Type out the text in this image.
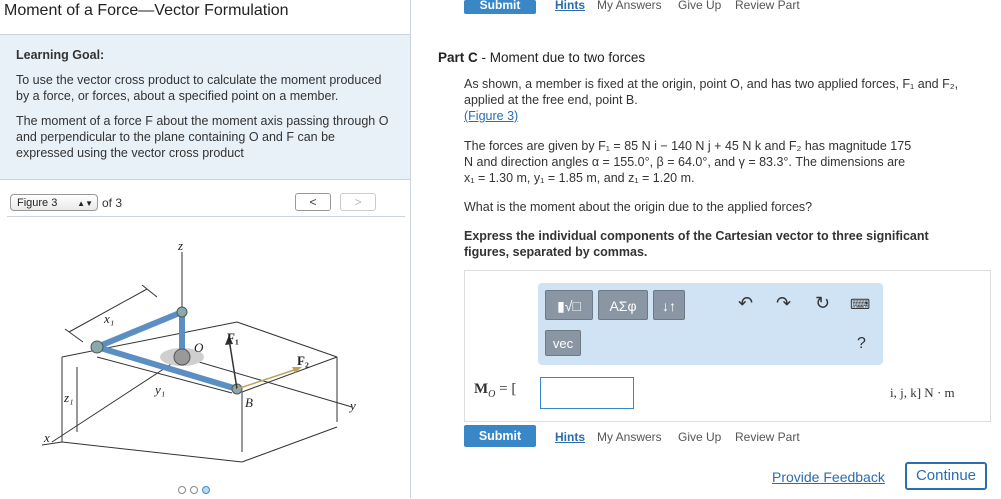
Moment of a Force—Vector Formulation
Learning Goal:

To use the vector cross product to calculate the moment produced by a force, or forces, about a specified point on a member.

The moment of a force F about the moment axis passing through O and perpendicular to the plane containing O and F can be expressed using the vector cross product

Figure 3 ▲▼ of 3	<	>
z
x₁
O
F₁
F₂
z₁
y₁
B	y
x
Submit	Hints My Answers Give Up Review Part
Part C - Moment due to two forces
As shown, a member is fixed at the origin, point O, and has two applied forces, F₁ and F₂, applied at the free end, point B.
(Figure 3)
The forces are given by F₁ = 85 N i − 140 N j + 45 N k and F₂ has magnitude 175
N and direction angles α = 155.0°, β = 64.0°, and γ = 83.3°. The dimensions are
x₁ = 1.30 m, y₁ = 1.85 m, and z₁ = 1.20 m.
What is the moment about the origin due to the applied forces?
Express the individual components of the Cartesian vector to three significant figures, separated by commas.
▮√□	ΑΣφ	↓↑	↶ ↷ ↻ ⌨
vec	?
$M_O$ = [	i, j, k] N · m
Submit	Hints My Answers Give Up Review Part
Provide Feedback	Continue
